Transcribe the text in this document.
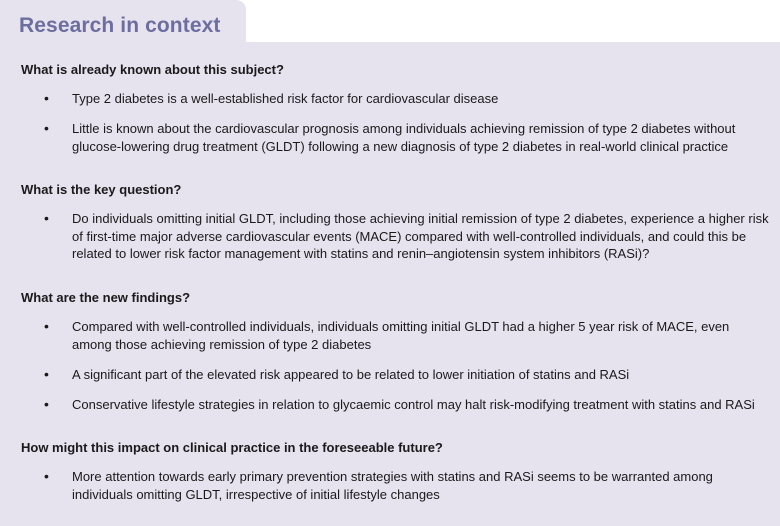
Research in context
What is already known about this subject?
• Type 2 diabetes is a well-established risk factor for cardiovascular disease
• Little is known about the cardiovascular prognosis among individuals achieving remission of type 2 diabetes without glucose-lowering drug treatment (GLDT) following a new diagnosis of type 2 diabetes in real-world clinical practice
What is the key question?
• Do individuals omitting initial GLDT, including those achieving initial remission of type 2 diabetes, experience a higher risk of first-time major adverse cardiovascular events (MACE) compared with well-controlled individuals, and could this be related to lower risk factor management with statins and renin–angiotensin system inhibitors (RASi)?
What are the new findings?
• Compared with well-controlled individuals, individuals omitting initial GLDT had a higher 5 year risk of MACE, even among those achieving remission of type 2 diabetes
• A significant part of the elevated risk appeared to be related to lower initiation of statins and RASi
• Conservative lifestyle strategies in relation to glycaemic control may halt risk-modifying treatment with statins and RASi
How might this impact on clinical practice in the foreseeable future?
• More attention towards early primary prevention strategies with statins and RASi seems to be warranted among individuals omitting GLDT, irrespective of initial lifestyle changes
